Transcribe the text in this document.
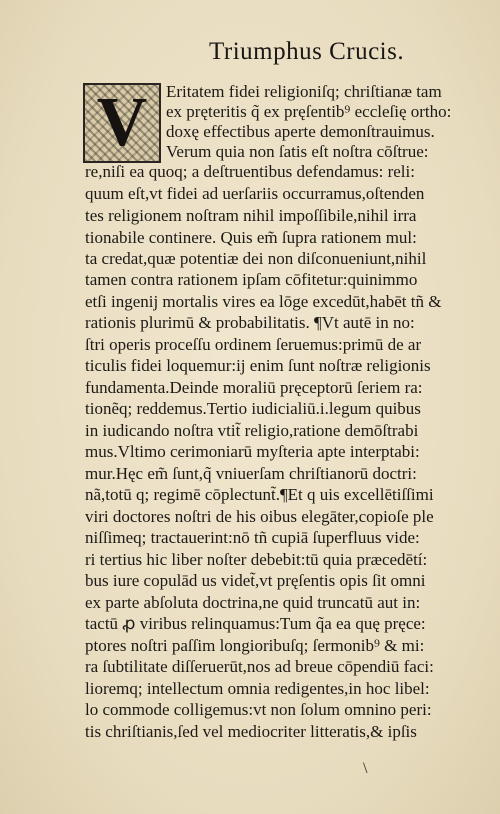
Triumphus Crucis.
V	Eritatem fidei religioniſq; chriſtianæ tam
ex pręteritis q̃ ex pręſentib⁹ eccleſię ortho:
doxę effectibus aperte demonſtrauimus.
Verum quia non ſatis eſt noſtra cōſtrue:
re,niſi ea quoq; a deſtruentibus defendamus: reli:
quum eſt,vt fidei ad uerſariis occurramus,oſtenden
tes religionem noſtram nihil impoſſibile,nihil irra
tionabile continere. Quis em̃ ſupra rationem mul:
ta credat,quæ potentiæ dei non diſconueniunt,nihil
tamen contra rationem ipſam cōfitetur:quinimmo
etſi ingenij mortalis vires ea lōge excedūt,habēt tñ &
rationis plurimū & probabilitatis. ¶Vt autē in no:
ſtri operis proceſſu ordinem ſeruemus:primū de ar
ticulis fidei loquemur:ij enim ſunt noſtræ religionis
fundamenta.Deinde moraliū pręceptorū ſeriem ra:
tionẽq; reddemus.Tertio iudicialiū.i.legum quibus
in iudicando noſtra vtit̃ religio,ratione demōſtrabi
mus.Vltimo cerimoniarū myſteria apte interptabi:
mur.Hęc em̃ ſunt,q̃ vniuerſam chriſtianorū doctri:
nã,totū q; regimē cōplectunt̃.¶Et q uis excellētiſſimi
viri doctores noſtri de his oibus elegāter,copioſe ple
niſſimeq; tractauerint:nō tñ cupiā ſuperfluus vide:
ri tertius hic liber noſter debebit:tū quia præcedētí:
bus iure copulād us videt̃,vt pręſentis opis ſit omni
ex parte abſoluta doctrina,ne quid truncatū aut in:
tactū ꝓ viribus relinquamus:Tum q̃a ea quę pręce:
ptores noſtri paſſim longioribuſq; ſermonib⁹ & mi:
ra ſubtilitate diſſeruerūt,nos ad breue cōpendiū faci:
lioremq; intellectum omnia redigentes,in hoc libel:
lo commode colligemus:vt non ſolum omnino peri:
tis chriſtianis,ſed vel mediocriter litteratis,& ipſis
\
